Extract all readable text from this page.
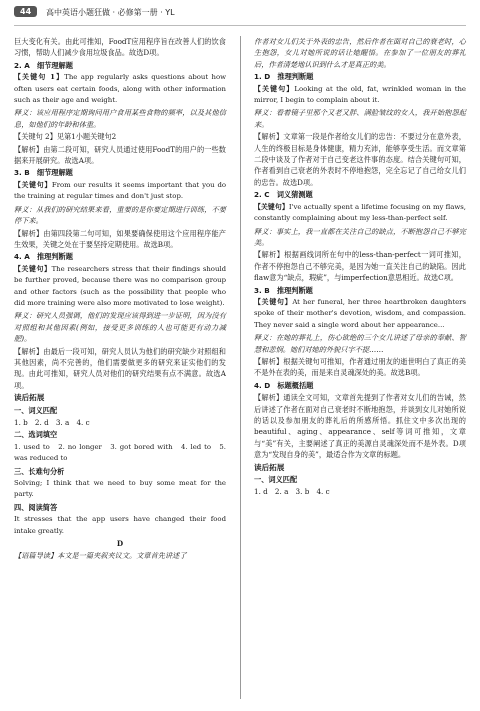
44	高中英语小题狂做 · 必修第一册 · YL

巨大变化有关。由此可推知，FoodT应用程序旨在改善人们的饮食习惯，帮助人们减少食用垃圾食品。故选D项。

2. A　细节理解题

【关键句 1】The app regularly asks questions about how often users eat certain foods, along with other information such as their age and weight.

释义：该应用程序定期询问用户食用某些食物的频率，以及其他信息，如他们的年龄和体重。

【关键句 2】见第1小题关键句2

【解析】由第二段可知，研究人员通过使用FoodT的用户的一些数据来开展研究。故选A项。

3. B　细节理解题

【关键句】From our results it seems important that you do the training at regular times and don't just stop.

释义：从我们的研究结果来看，重要的是你要定期进行训练，不要停下来。

【解析】由第四段第二句可知，如果要确保使用这个应用程序能产生效果，关键之处在于要坚持定期使用。故选B项。

4. A　推理判断题

【关键句】The researchers stress that their findings should be further proved, because there was no comparison group and other factors (such as the possibility that people who did more training were also more motivated to lose weight).

释义：研究人员强调，他们的发现应该得到进一步证明，因为没有对照组和其他因素(例如，接受更多训练的人也可能更有动力减肥)。

【解析】由最后一段可知，研究人员认为他们的研究缺少对照组和其他因素，尚不完善的，他们需要做更多的研究来证实他们的发现。由此可推知，研究人员对他们的研究结果有点不满意。故选A项。

读后拓展

一、词义匹配

1. b　2. d　3. a　4. c

二、选词填空

1. used to　2. no longer　3. got bored with　4. led to　5. was reduced to

三、长难句分析

Solving; I think that we need to buy some meat for the party.

四、阅读简答

It stresses that the app users have changed their food intake greatly.

D

【语篇导读】本文是一篇夹叙夹议文。文章首先讲述了

作者对女儿们关于外表的忠告，然后作者在面对自己的衰老时，心生抱怨，女儿对她所说的话让她醒悟。在参加了一位朋友的葬礼后，作者清楚地认识到什么才是真正的美。

1. D　推理判断题

【关键句】Looking at the old, fat, wrinkled woman in the mirror, I begin to complain about it.

释义：看着镜子里那个又老又胖、满脸皱纹的女人，我开始抱怨起来。

【解析】文章第一段是作者给女儿们的忠告：不要过分在意外表，人生的终极目标是身体健康，精力充沛，能够享受生活。而文章第二段中谈及了作者对于自己变老这件事的态度。结合关键句可知，作者看到自己衰老的外表时不停地抱怨，完全忘记了自己给女儿们的忠告。故选D项。

2. C　词义猜测题

【关键句】I've actually spent a lifetime focusing on my flaws, constantly complaining about my less-than-perfect self.

释义：事实上，我一直都在关注自己的缺点，不断抱怨自己不够完美。

【解析】根据画线词所在句中的less-than-perfect一词可推知，作者不停抱怨自己不够完美，是因为她一直关注自己的缺陷。因此flaw意为“缺点，瑕疵”，与imperfection意思相近。故选C项。

3. B　推理判断题

【关键句】At her funeral, her three heartbroken daughters spoke of their mother's devotion, wisdom, and compassion. They never said a single word about her appearance...

释义：在她的葬礼上，伤心欲绝的三个女儿讲述了母亲的奉献、智慧和悲悯。她们对她的外貌只字不提……

【解析】根据关键句可推知，作者通过朋友的逝世明白了真正的美不是外在表的美，而是来自灵魂深处的美。故选B项。

4. D　标题概括题

【解析】通读全文可知，文章首先提到了作者对女儿们的告诫，然后讲述了作者在面对自己衰老时不断地抱怨，并谈到女儿对她所说的话以及参加朋友的葬礼后的所感所悟。抓住文中多次出现的beautiful、aging、appearance、self等词可推知，文章与“美”有关，主要阐述了真正的美源自灵魂深处而不是外表。D项意为“发现自身的美”，最适合作为文章的标题。

读后拓展

一、词义匹配

1. d　2. a　3. b　4. c
